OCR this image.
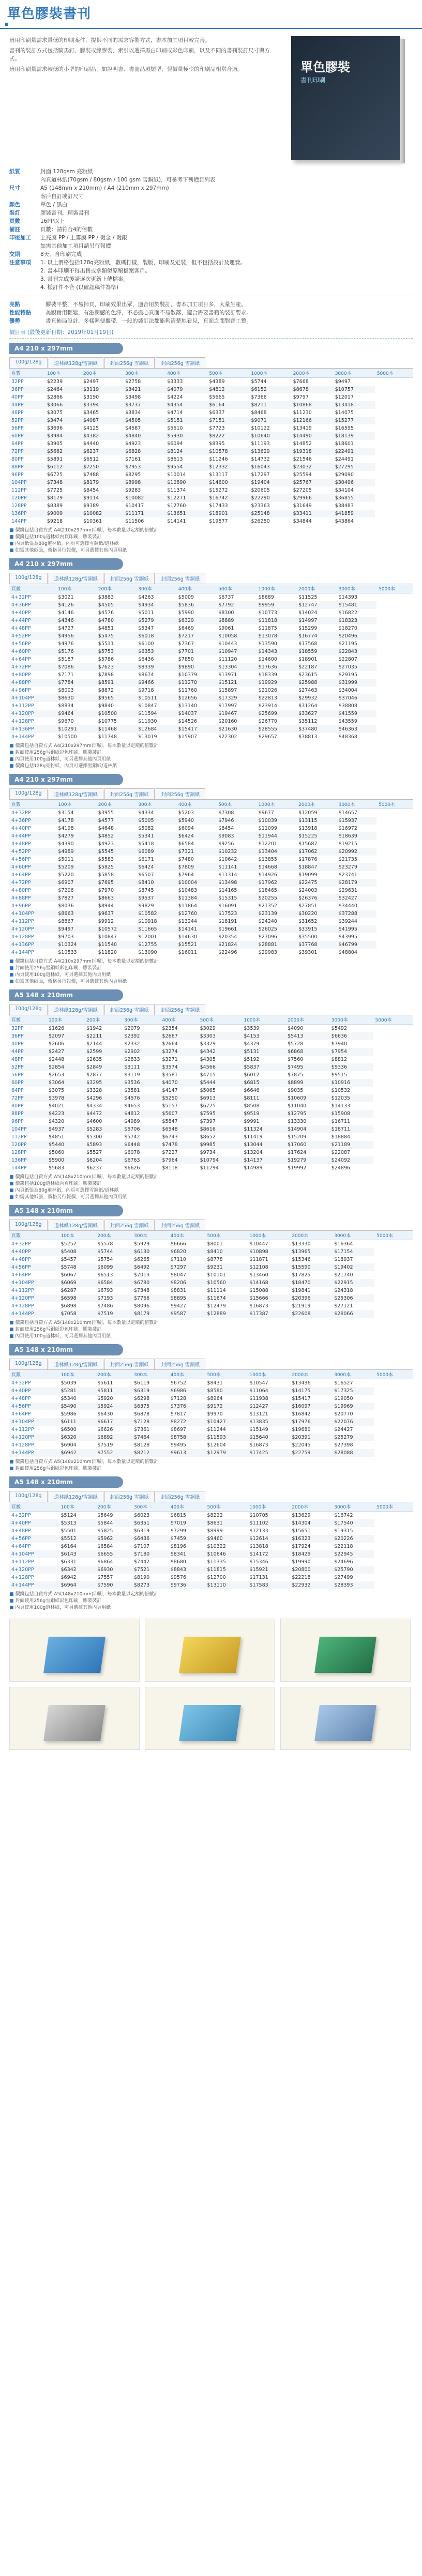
單色膠裝書刊

適用印刷量需求量低的印刷案件，提供不同的需求客製方式，書本加工項目較完善。

書刊的裝訂方式包括騎馬釘、膠裝或線膠裝，索引以選擇黑白印刷或彩色印刷，以及不同的書刊裝訂尺寸與方式。

適用印刷量需求較低的小型的印刷品，如說明書、書冊品項類型，報價量極少的印刷品相當合適。	單色膠裝
書刊印刷
紙質	封面 128gsm 亮粉紙
內頁道林紙(70gsm / 80gsm / 100 gsm 雪銅紙)，可參考下列價目列表
尺寸	A5 (148mm x 210mm) / A4 (210mm x 297mm)
客戶自訂或訂尺寸
顏色	單色 / 黑白
裝訂	膠裝書刊，精裝書刊
頁數	16PP以上
備註	頁數：請符合4的倍數
印後加工	上亮膜 PP / 上霧膜 PP / 燙金 / 燙銀
如需其他加工項目請另行報價
交期	8天，含印刷完成
注意事項	1. 以上價格包括128g亮粉紙，數碼打樣，製版，印刷及定裝，但不包括設計及運費。
2. 書本印刷不得出售或拿類似原稿檔案客戶。
3. 書刊完成後請逐次更新上傳檔案。
4. 樣訂件不合 (以確認稿件為準)
亮點	膠裝平整，不易掉頁，印刷效果出眾，適合用於裝訂，書本加工項目多，大量生產。
性能特點	美觀耐用輕鬆，有滋潤感的色澤，不必擔心頁面不易散落，適合需要書籍的裝訂要求。
優勢	書頁佈局設計，多樣輕便攜帶，一般的裝訂法都能夠清楚地看見，頁面之間對齊工整。
價目表 (最後更新日期：2019年01月19日)
A4 210 x 297mm
100g/128g	道林紙128g/雪銅紙	封面256g 雪銅紙	封面256g 雪銅紙
頁數	100本	200本	300本	400本	500本	1000本	2000本	3000本	5000本
32PP	$2239	$2497	$2758	$3333	$4389	$5744	$7668	$9497	
36PP	$2464	$3119	$3421	$4079	$4812	$6152	$8678	$10757	
40PP	$2866	$3190	$3498	$4224	$5665	$7366	$9797	$12017	
44PP	$3066	$3394	$3737	$4354	$6164	$8211	$10868	$13418	
48PP	$3075	$3465	$3834	$4714	$6337	$8468	$11230	$14075	
52PP	$3474	$4087	$4505	$5151	$7151	$9071	$12166	$15277	
56PP	$3696	$4125	$4587	$5610	$7723	$10122	$13419	$16595	
60PP	$3984	$4382	$4840	$5930	$8222	$10640	$14490	$18139	
64PP	$3905	$4440	$4923	$6094	$8395	$11193	$14852	$18601	
72PP	$5662	$6237	$6828	$8124	$10578	$13629	$19318	$22491	
80PP	$5891	$6512	$7161	$8613	$11246	$14732	$21546	$24491	
88PP	$6112	$7250	$7953	$9554	$12332	$16043	$23032	$27295	
96PP	$6725	$7488	$8295	$10014	$13117	$17297	$25594	$29090	
104PP	$7348	$8179	$8998	$10890	$14600	$19404	$25767	$30496	
112PP	$7725	$8454	$9283	$11374	$15272	$20605	$27205	$34104	
120PP	$8179	$9114	$10082	$12271	$16742	$22290	$29966	$36855	
128PP	$8389	$9389	$10417	$12760	$17433	$23363	$31649	$38483	
136PP	$9009	$10082	$11171	$13651	$18901	$25148	$33411	$41859	
144PP	$9218	$10361	$11506	$14141	$19577	$26250	$34844	$43864	
■ 價錢包括自費方式 A4(210x297mm)印刷，每本數量以定額的倍數計
■ 價錢包括100g道林紙內頁印刷，膠裝裝訂
■ 內頁紙張為80g道林紙，內頁可選擇雪銅紙/道林紙
■ 如需其他紙張，價格另行報價，可另選擇其他內頁用紙
A4 210 x 297mm
100g/128g	道林紙128g/雪銅紙	封面256g 雪銅紙	封面256g 雪銅紙
頁數	100本	200本	300本	400本	500本	1000本	2000本	3000本	5000本
4+32PP	$3021	$3883	$4263	$5009	$6737	$8689	$11525	$14393	
4+36PP	$4126	$4505	$4934	$5836	$7792	$9959	$12747	$15481	
4+40PP	$4146	$4576	$5011	$5990	$8300	$10773	$14024	$16822	
4+44PP	$4346	$4780	$5279	$6329	$8889	$11818	$14997	$18323	
4+48PP	$4727	$4851	$5347	$6469	$9061	$11875	$15299	$18270	
4+52PP	$4956	$5475	$6018	$7217	$10058	$13078	$16774	$20496	
4+56PP	$4976	$5511	$6100	$7367	$10443	$13590	$17568	$21195	
4+60PP	$5176	$5753	$6353	$7701	$10947	$14343	$18559	$22843	
4+64PP	$5187	$5786	$6436	$7850	$11120	$14600	$18901	$22807	
4+72PP	$7086	$7623	$8339	$9890	$13304	$17636	$22187	$27035	
4+80PP	$7171	$7898	$8674	$10379	$13971	$18339	$23615	$29195	
4+88PP	$7784	$8591	$9466	$11270	$15121	$19929	$25988	$31999	
4+96PP	$8003	$8872	$9718	$11760	$15897	$21026	$27463	$34004	
4+104PP	$8630	$9565	$10511	$12656	$17329	$22813	$29932	$37046	
4+112PP	$8834	$9840	$10847	$13140	$17997	$23914	$31264	$38808	
4+120PP	$9464	$10500	$11594	$14037	$19467	$25699	$33627	$41559	
4+128PP	$9670	$10775	$11930	$14526	$20160	$26770	$35112	$43559	
4+136PP	$10291	$11468	$12684	$15417	$21630	$28555	$37480	$46363	
4+144PP	$10500	$11748	$13019	$15907	$22302	$29657	$38813	$48368	
■ 價錢包括自費方式 A4(210x297mm)印刷，每本數量以定額的倍數計
■ 封面使用256g雪銅紙彩色印刷，膠裝裝訂
■ 內頁使用100g道林紙，可另選擇其他內頁用紙
■ 價錢包括128g亮粉紙，內頁可選擇雪銅紙/道林紙
A4 210 x 297mm
100g/128g	道林紙128g/雪銅紙	封面256g 雪銅紙	封面256g 雪銅紙
頁數	100本	200本	300本	400本	500本	1000本	2000本	3000本	5000本
4+32PP	$3154	$3955	$4334	$5203	$7308	$9677	$12059	$14657	
4+36PP	$4178	$4577	$5005	$5940	$7946	$10039	$13115	$15937	
4+40PP	$4198	$4648	$5082	$6094	$8454	$11099	$13918	$16972	
4+44PP	$4279	$4852	$5341	$6424	$9083	$11944	$15225	$18639	
4+48PP	$4390	$4923	$5418	$6584	$9256	$12201	$15687	$19215	
4+52PP	$4989	$5545	$6089	$7321	$10232	$13404	$17062	$20992	
4+56PP	$5011	$5583	$6171	$7480	$10642	$13855	$17876	$21735	
4+60PP	$5209	$5825	$6424	$7809	$11141	$14668	$18847	$23279	
4+64PP	$5220	$5858	$6507	$7964	$11314	$14926	$19099	$23741	
4+72PP	$6907	$7695	$8410	$10004	$13498	$17962	$22475	$28179	
4+80PP	$7206	$7970	$8745	$10483	$14165	$18465	$24003	$29631	
4+88PP	$7827	$8663	$9537	$11384	$15315	$20255	$26376	$32427	
4+96PP	$8036	$8944	$9829	$11864	$16091	$21352	$27851	$34440	
4+104PP	$8663	$9637	$10582	$12760	$17523	$23139	$30220	$37288	
4+112PP	$8867	$9912	$10918	$13244	$18191	$24240	$31652	$39244	
4+120PP	$9497	$10572	$11665	$14141	$19661	$26025	$33915	$41995	
4+128PP	$9703	$10847	$12001	$14630	$20354	$27096	$35500	$43995	
4+136PP	$10324	$11540	$12755	$15521	$21824	$28881	$37768	$46799	
4+144PP	$10533	$11820	$13090	$16011	$22496	$29983	$39301	$48804	
■ 價錢包括自費方式 A4(210x297mm)印刷，每本數量以定額的倍數計
■ 封面使用256g雪銅紙彩色印刷，膠裝裝訂
■ 內頁使用100g道林紙，可另選擇其他內頁用紙
■ 如需其他紙張，價格另行報價，可另選擇其他內頁用紙
A5 148 x 210mm
100g/128g	道林紙128g/雪銅紙	封面256g 雪銅紙	封面256g 雪銅紙
頁數	100本	200本	300本	400本	500本	1000本	2000本	3000本	5000本
32PP	$1626	$1942	$2079	$2354	$3029	$3539	$4090	$5492	
36PP	$2097	$2211	$2392	$2667	$3303	$4153	$5413	$6636	
40PP	$2606	$2144	$2332	$2664	$3329	$4379	$5728	$7940	
44PP	$2427	$2599	$2902	$3274	$4342	$5131	$6868	$7954	
48PP	$2448	$2635	$2833	$3271	$4305	$5192	$7560	$8812	
52PP	$2854	$2849	$3111	$3574	$4566	$5837	$7495	$9336	
56PP	$2653	$2877	$3119	$3581	$4715	$6012	$7875	$9515	
60PP	$3064	$3295	$3536	$4070	$5444	$6815	$8899	$10916	
64PP	$3075	$3328	$3581	$4147	$5065	$6646	$9035	$10532	
72PP	$3978	$4296	$4576	$5250	$6913	$8111	$10609	$12035	
80PP	$4021	$4334	$4653	$5157	$6725	$8508	$11040	$14133	
88PP	$4223	$4472	$4812	$5607	$7595	$9519	$12795	$15908	
96PP	$4320	$4600	$4989	$5847	$7397	$9991	$13330	$16711	
104PP	$4937	$5283	$5706	$6548	$8616	$11324	$14904	$18711	
112PP	$4851	$5300	$5742	$6743	$8652	$11419	$15209	$18884	
120PP	$5440	$5893	$6448	$7478	$9985	$13044	$17060	$21189	
128PP	$5060	$5527	$6078	$7227	$9734	$13204	$17624	$22087	
136PP	$5900	$6204	$6763	$7964	$10794	$14137	$19279	$24092	
144PP	$5683	$6237	$6626	$8118	$11294	$14989	$19992	$24896	
■ 價錢包括自費方式 A5(148x210mm)印刷，每本數量以定額的倍數計
■ 價錢包括100g道林紙內頁印刷，膠裝裝訂
■ 內頁紙張為80g道林紙，內頁可選擇雪銅紙/道林紙
■ 如需其他紙張，價格另行報價，可另選擇其他內頁用紙
A5 148 x 210mm
100g/128g	道林紙128g/雪銅紙	封面256g 雪銅紙	封面256g 雪銅紙
頁數	100本	200本	300本	400本	500本	1000本	2000本	3000本	5000本
4+32PP	$5257	$5578	$5929	$6666	$8001	$10447	$13330	$16364	
4+40PP	$5408	$5744	$6130	$6820	$8410	$10898	$13965	$17154	
4+48PP	$5457	$5754	$6265	$7110	$8778	$11871	$15346	$18937	
4+56PP	$5748	$6099	$6492	$7297	$9231	$12108	$15590	$19402	
4+64PP	$6067	$6513	$7013	$8047	$10101	$13460	$17825	$21740	
4+104PP	$6069	$6584	$6780	$8206	$10560	$14168	$18470	$22915	
4+112PP	$6287	$6793	$7348	$8831	$11114	$15088	$19841	$24318	
4+120PP	$6598	$7193	$7766	$8895	$11674	$15666	$20396	$25306	
4+128PP	$6898	$7486	$8096	$9427	$12479	$16873	$21919	$27121	
4+144PP	$7058	$7519	$8179	$9587	$12889	$17387	$22608	$28066	
■ 價錢包括自費方式 A5(148x210mm)印刷，每本數量以定額的倍數計
■ 封面使用256g雪銅紙彩色印刷，膠裝裝訂
■ 內頁使用100g道林紙，可另選擇其他內頁用紙
A5 148 x 210mm
100g/128g	道林紙128g/雪銅紙	封面256g 雪銅紙	封面256g 雪銅紙
頁數	100本	200本	300本	400本	500本	1000本	2000本	3000本	5000本
4+32PP	$5039	$5611	$6119	$6752	$8431	$10547	$13436	$16527	
4+40PP	$5281	$5811	$6319	$6986	$8580	$11064	$14175	$17325	
4+48PP	$5340	$5920	$6298	$7128	$8964	$11938	$15417	$19050	
4+56PP	$5490	$5924	$6375	$7376	$9172	$12427	$16097	$19969	
4+64PP	$5986	$6430	$6878	$7817	$9970	$13121	$16842	$20770	
4+104PP	$6111	$6617	$7128	$8272	$10427	$13835	$17976	$22076	
4+112PP	$6500	$6626	$7361	$8697	$11244	$15149	$19680	$24427	
4+120PP	$6320	$6892	$7464	$8758	$11593	$15640	$20391	$25279	
4+128PP	$6904	$7519	$8128	$9495	$12604	$16873	$22045	$27398	
4+144PP	$6942	$7552	$8212	$9613	$12979	$17425	$22759	$28088	
■ 價錢包括自費方式 A5(148x210mm)印刷，每本數量以定額的倍數計
■ 封面使用256g雪銅紙彩色印刷，膠裝裝訂
A5 148 x 210mm
100g/128g	道林紙128g/雪銅紙	封面256g 雪銅紙	封面256g 雪銅紙
頁數	100本	200本	300本	400本	500本	1000本	2000本	3000本	5000本
4+32PP	$5124	$5649	$6023	$6815	$8222	$10705	$13629	$16742	
4+40PP	$5313	$5844	$6351	$7019	$8631	$11102	$14304	$17540	
4+48PP	$5501	$5825	$6319	$7299	$8999	$12133	$15651	$19315	
4+56PP	$5512	$5962	$6436	$7459	$9460	$12614	$16323	$20226	
4+64PP	$6164	$6584	$7107	$8196	$10322	$13818	$17924	$22118	
4+104PP	$6143	$6655	$7180	$8341	$10646	$14172	$18429	$22945	
4+112PP	$6331	$6864	$7442	$8680	$11335	$15346	$19990	$24696	
4+120PP	$6342	$6930	$7521	$8843	$11815	$15921	$20800	$25790	
4+128PP	$6942	$7557	$8190	$9576	$12700	$17131	$22218	$27499	
4+144PP	$6964	$7590	$8273	$9736	$13110	$17583	$22932	$28393	
■ 價錢包括自費方式 A5(148x210mm)印刷，每本數量以定額的倍數計
■ 封面使用256g雪銅紙彩色印刷，膠裝裝訂
■ 內頁使用100g道林紙，可另選擇其他內頁用紙
